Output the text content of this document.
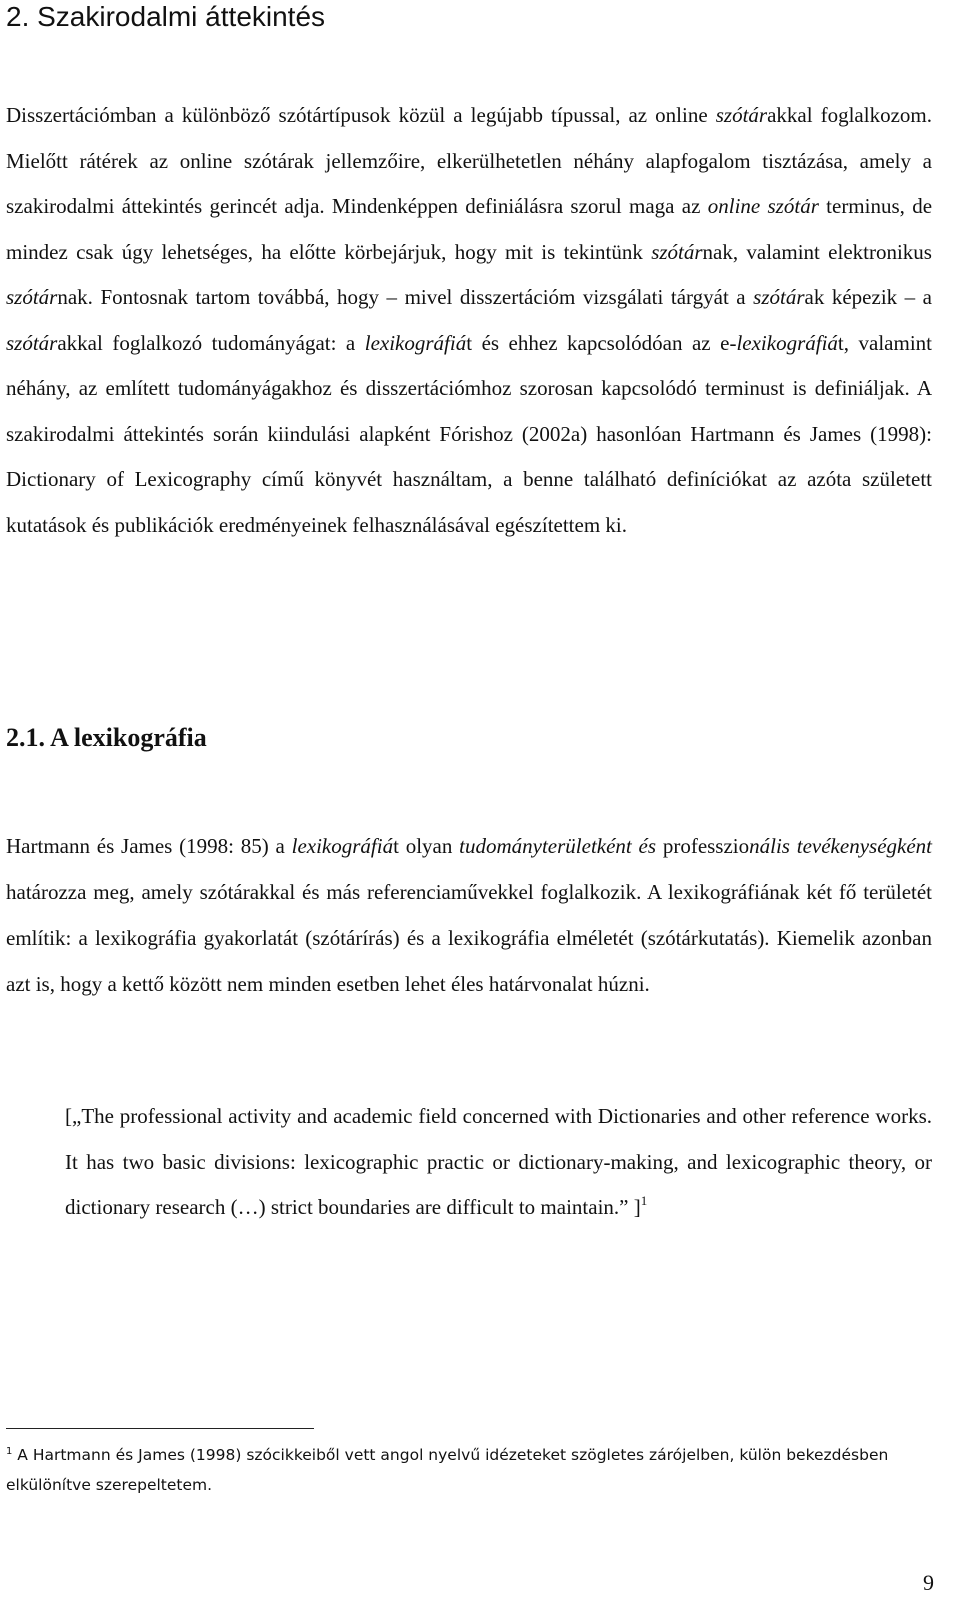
2. Szakirodalmi áttekintés

Disszertációmban a különböző szótártípusok közül a legújabb típussal, az online szótárakkal foglalkozom. Mielőtt rátérek az online szótárak jellemzőire, elkerülhetetlen néhány alapfogalom tisztázása, amely a szakirodalmi áttekintés gerincét adja. Mindenképpen definiálásra szorul maga az online szótár terminus, de mindez csak úgy lehetséges, ha előtte körbejárjuk, hogy mit is tekintünk szótárnak, valamint elektronikus szótárnak. Fontosnak tartom továbbá, hogy – mivel disszertációm vizsgálati tárgyát a szótárak képezik – a szótárakkal foglalkozó tudományágat: a lexikográfiát és ehhez kapcsolódóan az e-lexikográfiát, valamint néhány, az említett tudományágakhoz és disszertációmhoz szorosan kapcsolódó terminust is definiáljak. A szakirodalmi áttekintés során kiindulási alapként Fórishoz (2002a) hasonlóan Hartmann és James (1998): Dictionary of Lexicography című könyvét használtam, a benne található definíciókat az azóta született kutatások és publikációk eredményeinek felhasználásával egészítettem ki.

2.1. A lexikográfia

Hartmann és James (1998: 85) a lexikográfiát olyan tudományterületként és professzionális tevékenységként határozza meg, amely szótárakkal és más referenciaművekkel foglalkozik. A lexikográfiának két fő területét említik: a lexikográfia gyakorlatát (szótárírás) és a lexikográfia elméletét (szótárkutatás). Kiemelik azonban azt is, hogy a kettő között nem minden esetben lehet éles határvonalat húzni.

[„The professional activity and academic field concerned with Dictionaries and other reference works. It has two basic divisions: lexicographic practic or dictionary-making, and lexicographic theory, or dictionary research (…) strict boundaries are difficult to maintain.” ]$^1$

$^1$ A Hartmann és James (1998) szócikkeiből vett angol nyelvű idézeteket szögletes zárójelben, külön bekezdésben elkülönítve szerepeltetem.

9
